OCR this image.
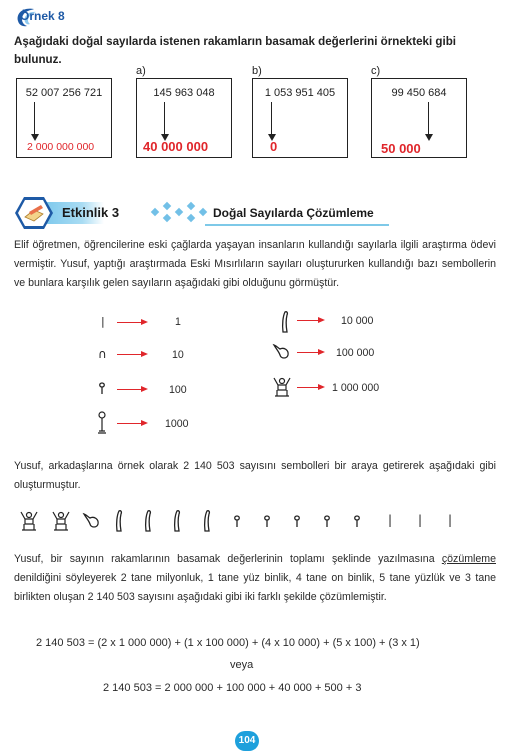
Örnek 8
Aşağıdaki doğal sayılarda istenen rakamların basamak değerlerini örnekteki gibi bulunuz.
52 007 256 721
2 000 000 000
a)
145 963 048
40 000 000
b)
1 053 951 405
0
c)
99 450 684
50 000
Etkinlik 3	Doğal Sayılarda Çözümleme
Elif öğretmen, öğrencilerine eski çağlarda yaşayan insanların kullandığı sayılarla ilgili araştırma ödevi vermiştir. Yusuf, yaptığı araştırmada Eski Mısırlıların sayıları oluştururken kullandığı bazı sembollerin ve bunlara karşılık gelen sayıların aşağıdaki gibi olduğunu görmüştür.
|	1
∩	10
100
1000
10 000
100 000
1 000 000
Yusuf, arkadaşlarına örnek olarak 2 140 503 sayısını sembolleri bir araya getirerek aşağıdaki gibi oluşturmuştur.
| | |
Yusuf, bir sayının rakamlarının basamak değerlerinin toplamı şeklinde yazılmasına çözümleme denildiğini söyleyerek 2 tane milyonluk, 1 tane yüz binlik, 4 tane on binlik, 5 tane yüzlük ve 3 tane birlikten oluşan 2 140 503 sayısını aşağıdaki gibi iki farklı şekilde çözümlemiştir.
2 140 503 = (2 x 1 000 000) + (1 x 100 000) + (4 x 10 000) + (5 x 100) + (3 x 1)
veya
2 140 503 = 2 000 000 + 100 000 + 40 000 + 500 + 3
104
